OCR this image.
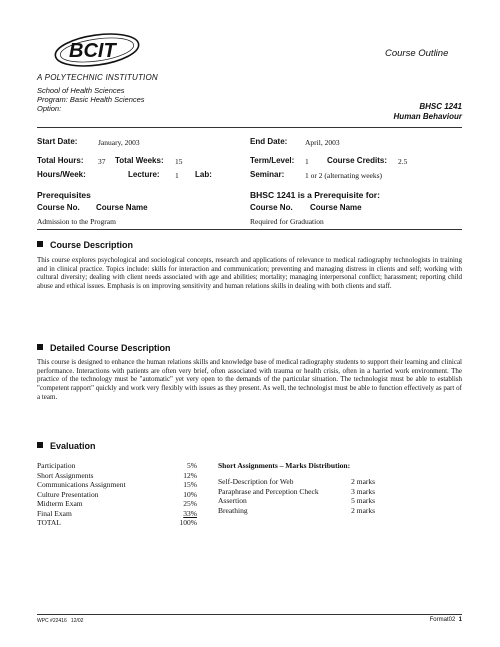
BCIT
A POLYTECHNIC INSTITUTION
School of Health Sciences
Program: Basic Health Sciences
Option:
Course Outline
BHSC 1241
Human Behaviour
Start Date:	January, 2003	End Date: April, 2003
Total Hours: 37 Total Weeks: 15	Term/Level: 1 Course Credits: 2.5
Hours/Week:	Lecture: 1 Lab:	Seminar:	1 or 2 (alternating weeks)
Prerequisites
Course No. Course Name
Admission to the Program
BHSC 1241 is a Prerequisite for:
Course No. Course Name
Required for Graduation
Course Description
This course explores psychological and sociological concepts, research and applications of relevance to medical radiography technologists in training and in clinical practice. Topics include: skills for interaction and communication; preventing and managing distress in clients and self; working with cultural diversity; dealing with client needs associated with age and abilities; mortality; managing interpersonal conflict; harassment; reporting child abuse and ethical issues. Emphasis is on improving sensitivity and human relations skills in dealing with both clients and staff.
Detailed Course Description
This course is designed to enhance the human relations skills and knowledge base of medical radiography students to support their learning and clinical performance. Interactions with patients are often very brief, often associated with trauma or health crisis, often in a harried work environment. The practice of the technology must be "automatic" yet very open to the demands of the particular situation. The technologist must be able to establish "competent rapport" quickly and work very flexibly with issues as they present. As well, the technologist must be able to function effectively as part of a team.
Evaluation
Participation	5%
Short Assignments	12%
Communications Assignment	15%
Culture Presentation	10%
Midterm Exam	25%
Final Exam	33%
TOTAL	100%
Short Assignments – Marks Distribution:
Self-Description for Web	2 marks
Paraphrase and Perception Check	3 marks
Assertion	5 marks
Breathing	2 marks
WPC #22416 12/02	Format02 1
